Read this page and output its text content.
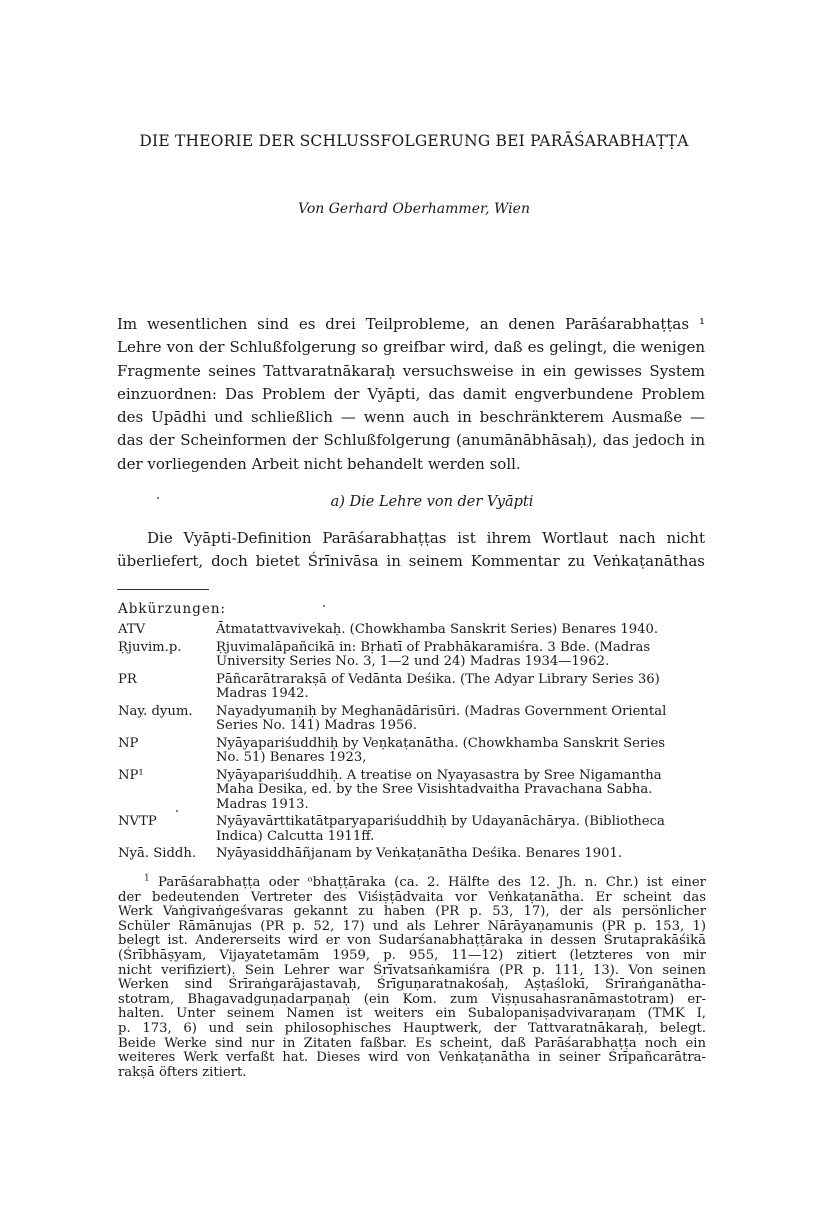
DIE THEORIE DER SCHLUSSFOLGERUNG BEI PARĀŚARABHAṬṬA
Von Gerhard Oberhammer, Wien
Im wesentlichen sind es drei Teilprobleme, an denen Parāśarabhaṭṭas ¹
Lehre von der Schlußfolgerung so greifbar wird, daß es gelingt, die wenigen
Fragmente seines Tattvaratnākaraḥ versuchsweise in ein gewisses System
einzuordnen: Das Problem der Vyāpti, das damit engverbundene Problem
des Upādhi und schließlich — wenn auch in beschränkterem Ausmaße —
das der Scheinformen der Schlußfolgerung (anumānābhāsaḥ), das jedoch in
der vorliegenden Arbeit nicht behandelt werden soll.
a) Die Lehre von der Vyāpti
Die Vyāpti-Definition Parāśarabhaṭṭas ist ihrem Wortlaut nach nicht
überliefert, doch bietet Śrīnivāsa in seinem Kommentar zu Veṅkaṭanāthas
Abkürzungen:
ATV	Ātmatattvavivekaḥ. (Chowkhamba Sanskrit Series) Benares 1940.
Ṛjuvim.p.	Ṛjuvimalāpañcikā in: Bṛhatī of Prabhākaramiśra. 3 Bde. (Madras
University Series No. 3, 1—2 und 24) Madras 1934—1962.
PR	Pāñcarātrarakṣā of Vedānta Deśika. (The Adyar Library Series 36)
Madras 1942.
Nay. dyum.	Nayadyumaṇiḥ by Meghanādārisūri. (Madras Government Oriental
Series No. 141) Madras 1956.
NP	Nyāyapariśuddhiḥ by Veṇkaṭanātha. (Chowkhamba Sanskrit Series
No. 51) Benares 1923,
NP¹	Nyāyapariśuddhiḥ. A treatise on Nyayasastra by Sree Nigamantha
Maha Desika, ed. by the Sree Visishtadvaitha Pravachana Sabha.
Madras 1913.
NVTP	Nyāyavārttikatātparyapariśuddhiḥ by Udayanāchārya. (Bibliotheca
Indica) Calcutta 1911ff.
Nyā. Siddh.	Nyāyasiddhāñjanam by Veṅkaṭanātha Deśika. Benares 1901.
$^1$ Parāśarabhaṭṭa oder ᵒbhaṭṭāraka (ca. 2. Hälfte des 12. Jh. n. Chr.) ist einer
der bedeutenden Vertreter des Viśiṣṭādvaita vor Veṅkaṭanātha. Er scheint das
Werk Vaṅgivaṅgeśvaras gekannt zu haben (PR p. 53, 17), der als persönlicher
Schüler Rāmānujas (PR p. 52, 17) und als Lehrer Nārāyaṇamunis (PR p. 153, 1)
belegt ist. Andererseits wird er von Sudarśanabhaṭṭāraka in dessen Śrutaprakāśikā
(Śrībhāṣyam, Vijayatetamām 1959, p. 955, 11—12) zitiert (letzteres von mir
nicht verifiziert). Sein Lehrer war Śrīvatsaṅkamiśra (PR p. 111, 13). Von seinen
Werken sind Śrīraṅgarājastavaḥ, Śrīguṇaratnakośaḥ, Aṣṭaślokī, Śrīraṅganātha-
stotram, Bhagavadguṇadarpaṇaḥ (ein Kom. zum Viṣṇusahasranāmastotram) er-
halten. Unter seinem Namen ist weiters ein Subalopaniṣadvivaraṇam (TMK I,
p. 173, 6) und sein philosophisches Hauptwerk, der Tattvaratnākaraḥ, belegt.
Beide Werke sind nur in Zitaten faßbar. Es scheint, daß Parāśarabhaṭṭa noch ein
weiteres Werk verfaßt hat. Dieses wird von Veṅkaṭanātha in seiner Śrīpañcarātra-
rakṣā öfters zitiert.
